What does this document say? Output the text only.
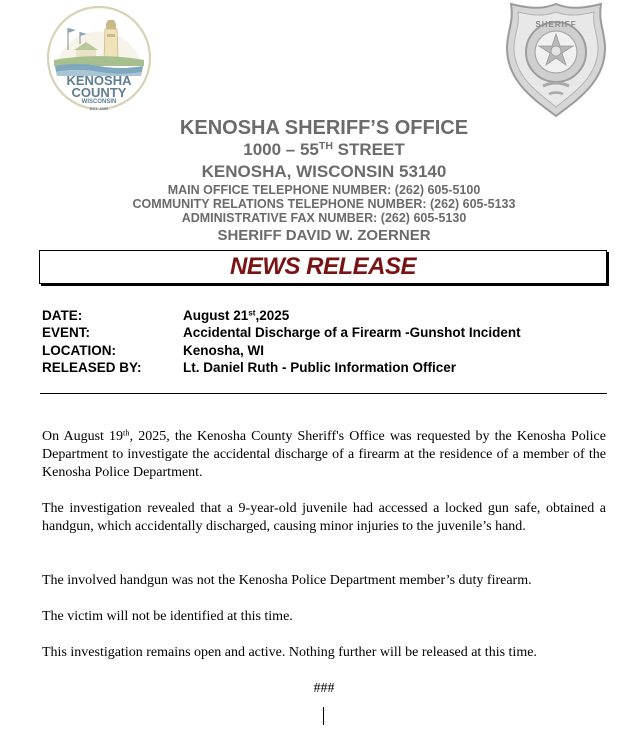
KENOSHA
COUNTY
WISCONSIN
EST. 1850
SHERIFF
KENOSHA SHERIFF’S OFFICE
1000 – 55TH STREET
KENOSHA, WISCONSIN 53140
MAIN OFFICE TELEPHONE NUMBER: (262) 605-5100
COMMUNITY RELATIONS TELEPHONE NUMBER: (262) 605-5133
ADMINISTRATIVE FAX NUMBER: (262) 605-5130
SHERIFF DAVID W. ZOERNER
NEWS RELEASE
DATE:	August 21st,2025
EVENT:	Accidental Discharge of a Firearm -Gunshot Incident
LOCATION:	Kenosha, WI
RELEASED BY:	Lt. Daniel Ruth - Public Information Officer
On August 19th, 2025, the Kenosha County Sheriff's Office was requested by the Kenosha Police Department to investigate the accidental discharge of a firearm at the residence of a member of the Kenosha Police Department.
The investigation revealed that a 9-year-old juvenile had accessed a locked gun safe, obtained a handgun, which accidentally discharged, causing minor injuries to the juvenile’s hand.
The involved handgun was not the Kenosha Police Department member’s duty firearm.
The victim will not be identified at this time.
This investigation remains open and active. Nothing further will be released at this time.
###
